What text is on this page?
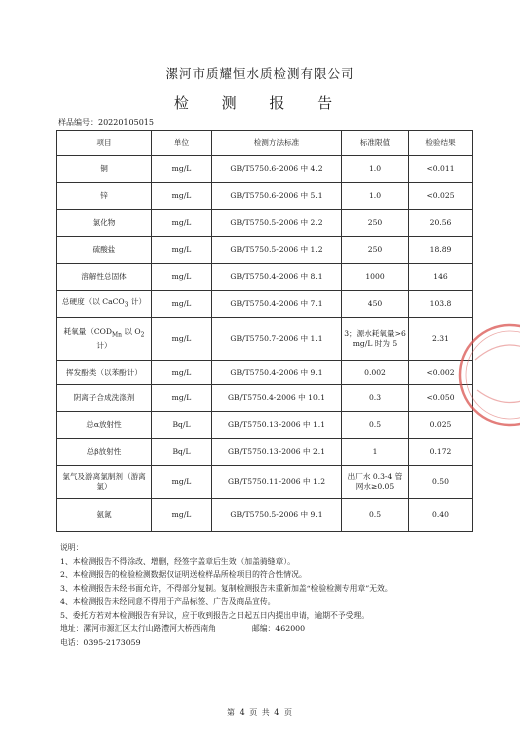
漯河市质耀恒水质检测有限公司
检 测 报 告
样品编号：20220105015
项目	单位	检测方法标准	标准限值	检验结果
铜	mg/L	GB/T5750.6-2006 中 4.2	1.0	<0.011
锌	mg/L	GB/T5750.6-2006 中 5.1	1.0	<0.025
氯化物	mg/L	GB/T5750.5-2006 中 2.2	250	20.56
硫酸盐	mg/L	GB/T5750.5-2006 中 1.2	250	18.89
溶解性总固体	mg/L	GB/T5750.4-2006 中 8.1	1000	146
总硬度（以 CaCO$_3$ 计）	mg/L	GB/T5750.4-2006 中 7.1	450	103.8
耗氧量（$COD_{Mn}$ 以 $O_2$ 计）	mg/L	GB/T5750.7-2006 中 1.1	3；源水耗氧量>6 mg/L 时为 5	2.31
挥发酚类（以苯酚计）	mg/L	GB/T5750.4-2006 中 9.1	0.002	<0.002
阴离子合成洗涤剂	mg/L	GB/T5750.4-2006 中 10.1	0.3	<0.050
总α放射性	Bq/L	GB/T5750.13-2006 中 1.1	0.5	0.025
总β放射性	Bq/L	GB/T5750.13-2006 中 2.1	1	0.172
氯气及游离氯制剂（游离氯）	mg/L	GB/T5750.11-2006 中 1.2	出厂水 0.3-4 管网水≥0.05	0.50
氨氮	mg/L	GB/T5750.5-2006 中 9.1	0.5	0.40
说明：
1、本检测报告不得涂改、增删，经签字盖章后生效（加盖骑缝章）。
2、本检测报告的检验检测数据仅证明送检样品所检项目的符合性情况。
3、本检测报告未经书面允许，不得部分复制。复制检测报告未重新加盖“检验检测专用章”无效。
4、本检测报告未经同意不得用于产品标签、广告及商品宣传。
5、委托方若对本检测报告有异议，应于收到报告之日起五日内提出申请，逾期不予受理。
地址：漯河市源汇区太行山路澧河大桥西南角	邮编：462000
电话：0395-2173059
第 4 页 共 4 页
